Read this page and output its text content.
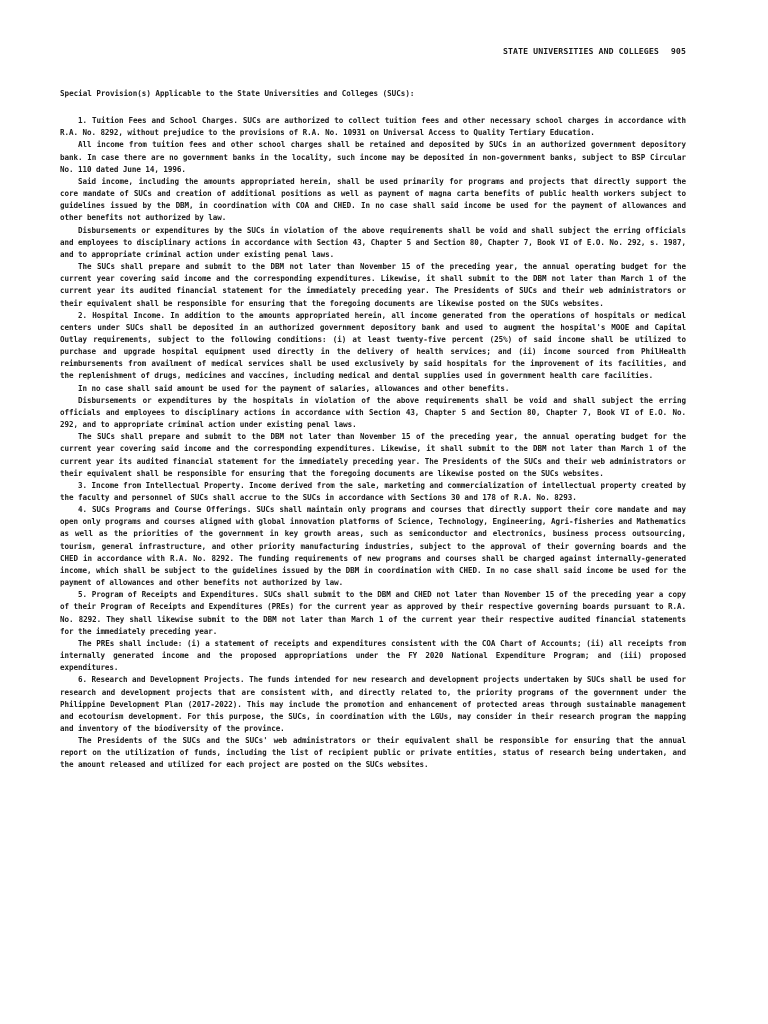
STATE UNIVERSITIES AND COLLEGES 905

Special Provision(s) Applicable to the State Universities and Colleges (SUCs):

1. Tuition Fees and School Charges. SUCs are authorized to collect tuition fees and other necessary school charges in accordance with R.A. No. 8292, without prejudice to the provisions of R.A. No. 10931 on Universal Access to Quality Tertiary Education.

All income from tuition fees and other school charges shall be retained and deposited by SUCs in an authorized government depository bank. In case there are no government banks in the locality, such income may be deposited in non-government banks, subject to BSP Circular No. 110 dated June 14, 1996.

Said income, including the amounts appropriated herein, shall be used primarily for programs and projects that directly support the core mandate of SUCs and creation of additional positions as well as payment of magna carta benefits of public health workers subject to guidelines issued by the DBM, in coordination with COA and CHED. In no case shall said income be used for the payment of allowances and other benefits not authorized by law.

Disbursements or expenditures by the SUCs in violation of the above requirements shall be void and shall subject the erring officials and employees to disciplinary actions in accordance with Section 43, Chapter 5 and Section 80, Chapter 7, Book VI of E.O. No. 292, s. 1987, and to appropriate criminal action under existing penal laws.

The SUCs shall prepare and submit to the DBM not later than November 15 of the preceding year, the annual operating budget for the current year covering said income and the corresponding expenditures. Likewise, it shall submit to the DBM not later than March 1 of the current year its audited financial statement for the immediately preceding year. The Presidents of SUCs and their web administrators or their equivalent shall be responsible for ensuring that the foregoing documents are likewise posted on the SUCs websites.

2. Hospital Income. In addition to the amounts appropriated herein, all income generated from the operations of hospitals or medical centers under SUCs shall be deposited in an authorized government depository bank and used to augment the hospital's MOOE and Capital Outlay requirements, subject to the following conditions: (i) at least twenty-five percent (25%) of said income shall be utilized to purchase and upgrade hospital equipment used directly in the delivery of health services; and (ii) income sourced from PhilHealth reimbursements from availment of medical services shall be used exclusively by said hospitals for the improvement of its facilities, and the replenishment of drugs, medicines and vaccines, including medical and dental supplies used in government health care facilities.

In no case shall said amount be used for the payment of salaries, allowances and other benefits.

Disbursements or expenditures by the hospitals in violation of the above requirements shall be void and shall subject the erring officials and employees to disciplinary actions in accordance with Section 43, Chapter 5 and Section 80, Chapter 7, Book VI of E.O. No. 292, and to appropriate criminal action under existing penal laws.

The SUCs shall prepare and submit to the DBM not later than November 15 of the preceding year, the annual operating budget for the current year covering said income and the corresponding expenditures. Likewise, it shall submit to the DBM not later than March 1 of the current year its audited financial statement for the immediately preceding year. The Presidents of the SUCs and their web administrators or their equivalent shall be responsible for ensuring that the foregoing documents are likewise posted on the SUCs websites.

3. Income from Intellectual Property. Income derived from the sale, marketing and commercialization of intellectual property created by the faculty and personnel of SUCs shall accrue to the SUCs in accordance with Sections 30 and 178 of R.A. No. 8293.

4. SUCs Programs and Course Offerings. SUCs shall maintain only programs and courses that directly support their core mandate and may open only programs and courses aligned with global innovation platforms of Science, Technology, Engineering, Agri-fisheries and Mathematics as well as the priorities of the government in key growth areas, such as semiconductor and electronics, business process outsourcing, tourism, general infrastructure, and other priority manufacturing industries, subject to the approval of their governing boards and the CHED in accordance with R.A. No. 8292. The funding requirements of new programs and courses shall be charged against internally-generated income, which shall be subject to the guidelines issued by the DBM in coordination with CHED. In no case shall said income be used for the payment of allowances and other benefits not authorized by law.

5. Program of Receipts and Expenditures. SUCs shall submit to the DBM and CHED not later than November 15 of the preceding year a copy of their Program of Receipts and Expenditures (PREs) for the current year as approved by their respective governing boards pursuant to R.A. No. 8292. They shall likewise submit to the DBM not later than March 1 of the current year their respective audited financial statements for the immediately preceding year.

The PREs shall include: (i) a statement of receipts and expenditures consistent with the COA Chart of Accounts; (ii) all receipts from internally generated income and the proposed appropriations under the FY 2020 National Expenditure Program; and (iii) proposed expenditures.

6. Research and Development Projects. The funds intended for new research and development projects undertaken by SUCs shall be used for research and development projects that are consistent with, and directly related to, the priority programs of the government under the Philippine Development Plan (2017-2022). This may include the promotion and enhancement of protected areas through sustainable management and ecotourism development. For this purpose, the SUCs, in coordination with the LGUs, may consider in their research program the mapping and inventory of the biodiversity of the province.

The Presidents of the SUCs and the SUCs' web administrators or their equivalent shall be responsible for ensuring that the annual report on the utilization of funds, including the list of recipient public or private entities, status of research being undertaken, and the amount released and utilized for each project are posted on the SUCs websites.
